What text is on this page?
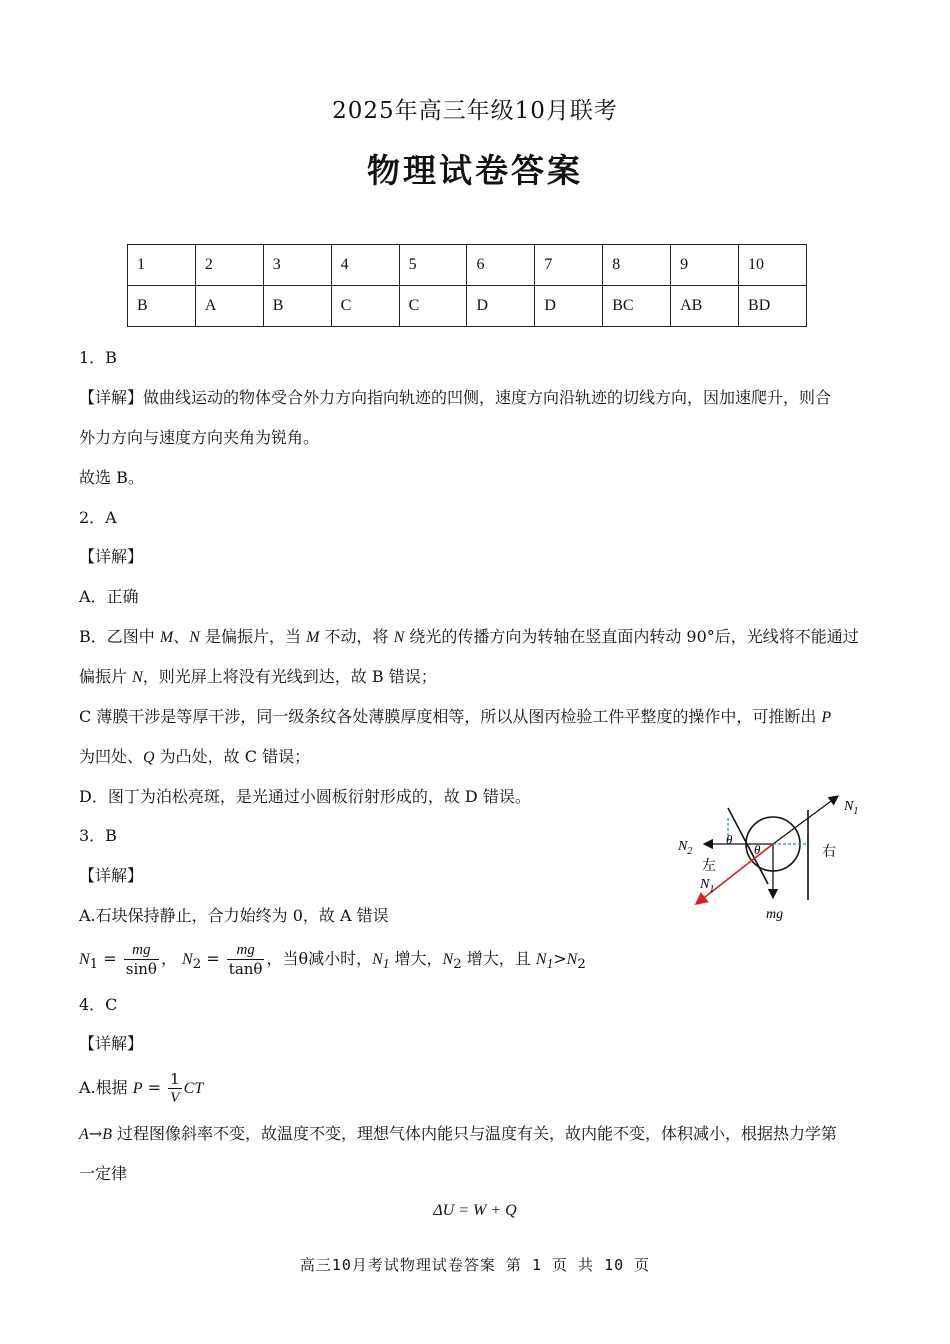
2025年高三年级10月联考
物理试卷答案
1	2	3	4	5	6	7	8	9	10
B	A	B	C	C	D	D	BC	AB	BD
1．B
【详解】做曲线运动的物体受合外力方向指向轨迹的凹侧，速度方向沿轨迹的切线方向，因加速爬升，则合
外力方向与速度方向夹角为锐角。
故选 B。
2．A
【详解】
A．正确
B．乙图中 M、N 是偏振片，当 M 不动，将 N 绕光的传播方向为转轴在竖直面内转动 90°后，光线将不能通过
偏振片 N，则光屏上将没有光线到达，故 B 错误；
C 薄膜干涉是等厚干涉，同一级条纹各处薄膜厚度相等，所以从图丙检验工件平整度的操作中，可推断出 P
为凹处、Q 为凸处，故 C 错误；
D．图丁为泊松亮斑，是光通过小圆板衍射形成的，故 D 错误。
3．B
【详解】
A.石块保持静止，合力始终为 0，故 A 错误
$N_1 = \frac{mg}{\sin\theta}$ ， $N_2 = \frac{mg}{\tan\theta}$ ，当θ减小时，$N_1$ 增大，$N_2$ 增大，且 $N_1>N_2$
$N_1$
$N_2$
左
$N_1$
θ
θ	右
mg
4．C
【详解】
A.根据 $P = \frac{1}{V}$ CT
A→B 过程图像斜率不变，故温度不变，理想气体内能只与温度有关，故内能不变，体积减小，根据热力学第
一定律
ΔU = W + Q
高三10月考试物理试卷答案 第 1 页 共 10 页
